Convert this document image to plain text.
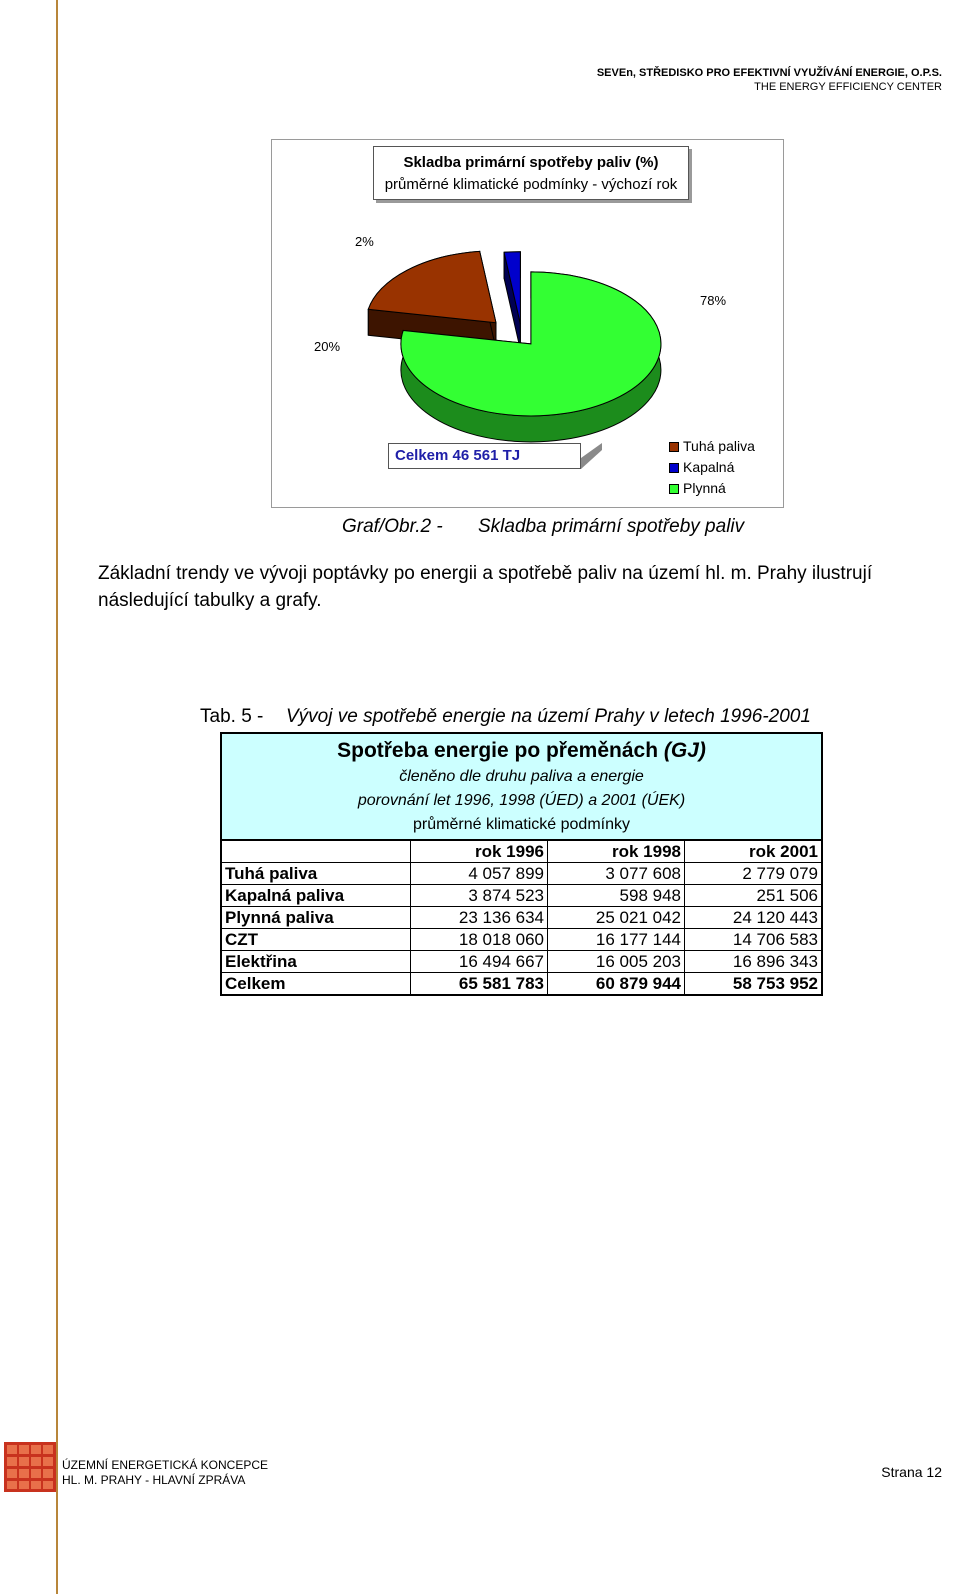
SEVEn, STŘEDISKO PRO EFEKTIVNÍ VYUŽÍVÁNÍ ENERGIE, O.P.S.
THE ENERGY EFFICIENCY CENTER
20%
2%
78%
Skladba primární spotřeby paliv (%)
průměrné klimatické podmínky - výchozí rok
Celkem 46 561 TJ
Tuhá paliva
Kapalná
Plynná
Graf/Obr.2 - Skladba primární spotřeby paliv
Základní trendy ve vývoji poptávky po energii a spotřebě paliv na území hl. m. Prahy ilustrují následující tabulky a grafy.
Tab. 5 - Vývoj ve spotřebě energie na území Prahy v letech 1996-2001
Spotřeba energie po přeměnách (GJ)
členěno dle druhu paliva a energie
porovnání let 1996, 1998 (ÚED) a 2001 (ÚEK)
průměrné klimatické podmínky			

	rok 1996	rok 1998	rok 2001
Tuhá paliva	4 057 899	3 077 608	2 779 079
Kapalná paliva	3 874 523	598 948	251 506
Plynná paliva	23 136 634	25 021 042	24 120 443
CZT	18 018 060	16 177 144	14 706 583
Elektřina	16 494 667	16 005 203	16 896 343
Celkem	65 581 783	60 879 944	58 753 952
ÚZEMNÍ ENERGETICKÁ KONCEPCE
HL. M. PRAHY - HLAVNÍ ZPRÁVA	Strana 12
